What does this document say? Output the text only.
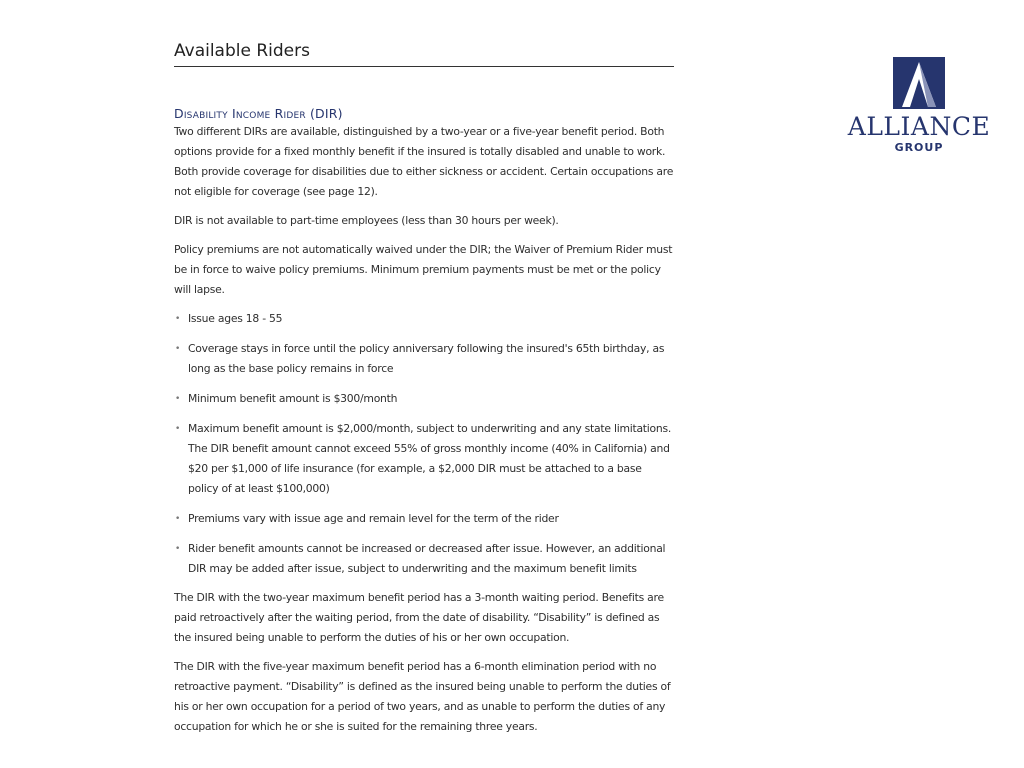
Available Riders
Disability Income Rider (DIR)

Two different DIRs are available, distinguished by a two-year or a five-year benefit period. Both options provide for a fixed monthly benefit if the insured is totally disabled and unable to work. Both provide coverage for disabilities due to either sickness or accident. Certain occupations are not eligible for coverage (see page 12).

DIR is not available to part-time employees (less than 30 hours per week).

Policy premiums are not automatically waived under the DIR; the Waiver of Premium Rider must be in force to waive policy premiums. Minimum premium payments must be met or the policy will lapse.

• Issue ages 18 - 55
• Coverage stays in force until the policy anniversary following the insured's 65th birthday, as long as the base policy remains in force
• Minimum benefit amount is $300/month
• Maximum benefit amount is $2,000/month, subject to underwriting and any state limitations. The DIR benefit amount cannot exceed 55% of gross monthly income (40% in California) and $20 per $1,000 of life insurance (for example, a $2,000 DIR must be attached to a base policy of at least $100,000)
• Premiums vary with issue age and remain level for the term of the rider
• Rider benefit amounts cannot be increased or decreased after issue. However, an additional DIR may be added after issue, subject to underwriting and the maximum benefit limits

The DIR with the two-year maximum benefit period has a 3-month waiting period. Benefits are paid retroactively after the waiting period, from the date of disability. “Disability” is defined as the insured being unable to perform the duties of his or her own occupation.

The DIR with the five-year maximum benefit period has a 6-month elimination period with no retroactive payment. “Disability” is defined as the insured being unable to perform the duties of his or her own occupation for a period of two years, and as unable to perform the duties of any occupation for which he or she is suited for the remaining three years.

ALLIANCE
GROUP
